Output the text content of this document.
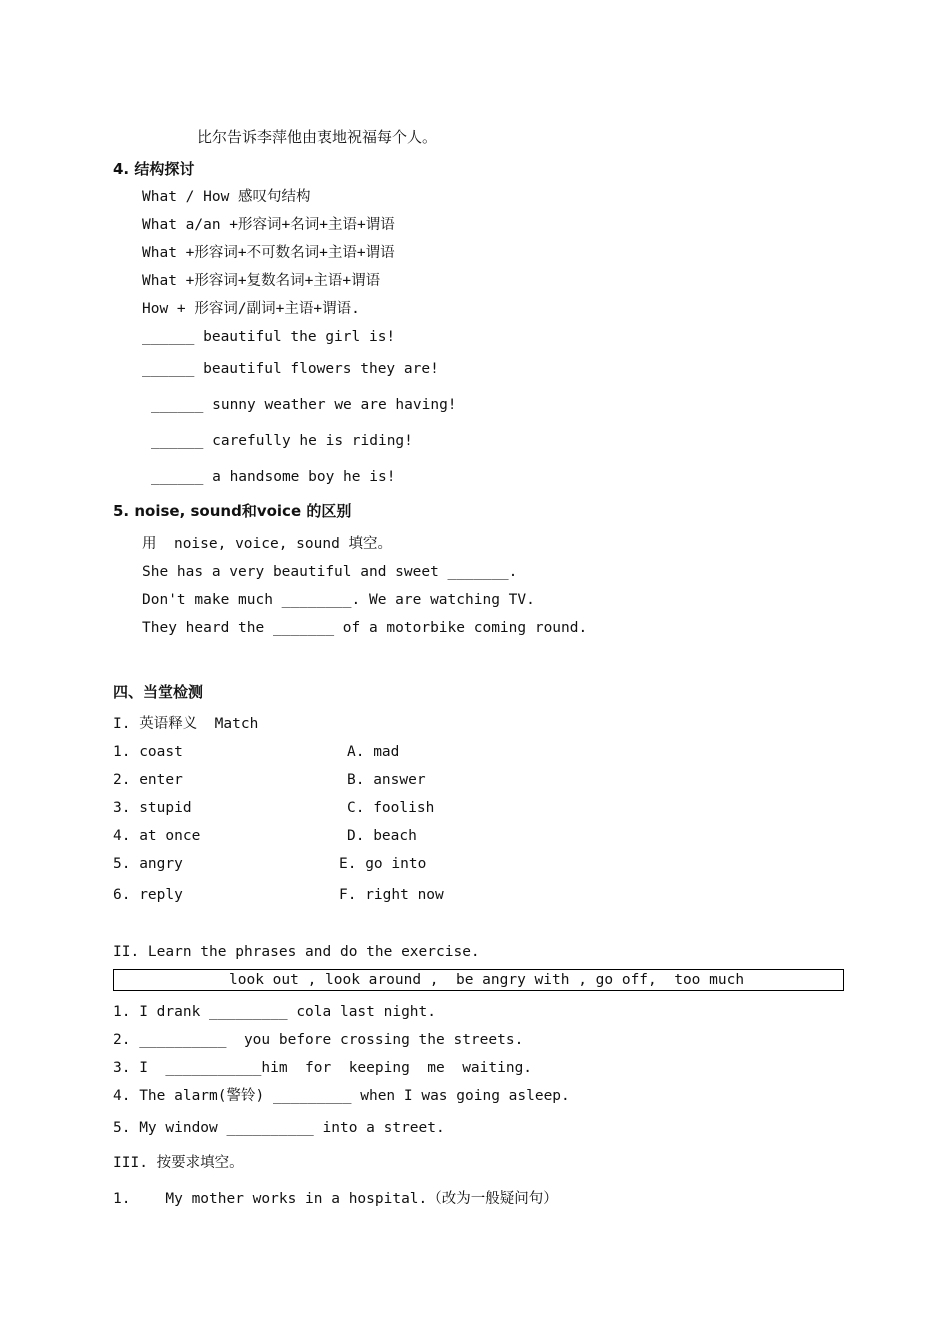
比尔告诉李萍他由衷地祝福每个人。
4. 结构探讨
What / How 感叹句结构
What a/an +形容词+名词+主语+谓语
What +形容词+不可数名词+主语+谓语
What +形容词+复数名词+主语+谓语
How + 形容词/副词+主语+谓语.
______ beautiful the girl is!
______ beautiful flowers they are!
______ sunny weather we are having!
______ carefully he is riding!
______ a handsome boy he is!
5. noise, sound和voice 的区别
用  noise, voice, sound 填空。
She has a very beautiful and sweet _______.
Don't make much ________. We are watching TV.
They heard the _______ of a motorbike coming round.
四、当堂检测
I. 英语释义  Match
1. coast
2. enter
3. stupid
4. at once
5. angry
6. reply
A. mad
B. answer
C. foolish
D. beach
E. go into
F. right now
II. Learn the phrases and do the exercise.
look out , look around ,  be angry with , go off,  too much
1. I drank _________ cola last night.
2. __________  you before crossing the streets.
3. I  ___________him  for  keeping  me  waiting.
4. The alarm(警铃) _________ when I was going asleep.
5. My window __________ into a street.
III. 按要求填空。
1.    My mother works in a hospital.（改为一般疑问句）
